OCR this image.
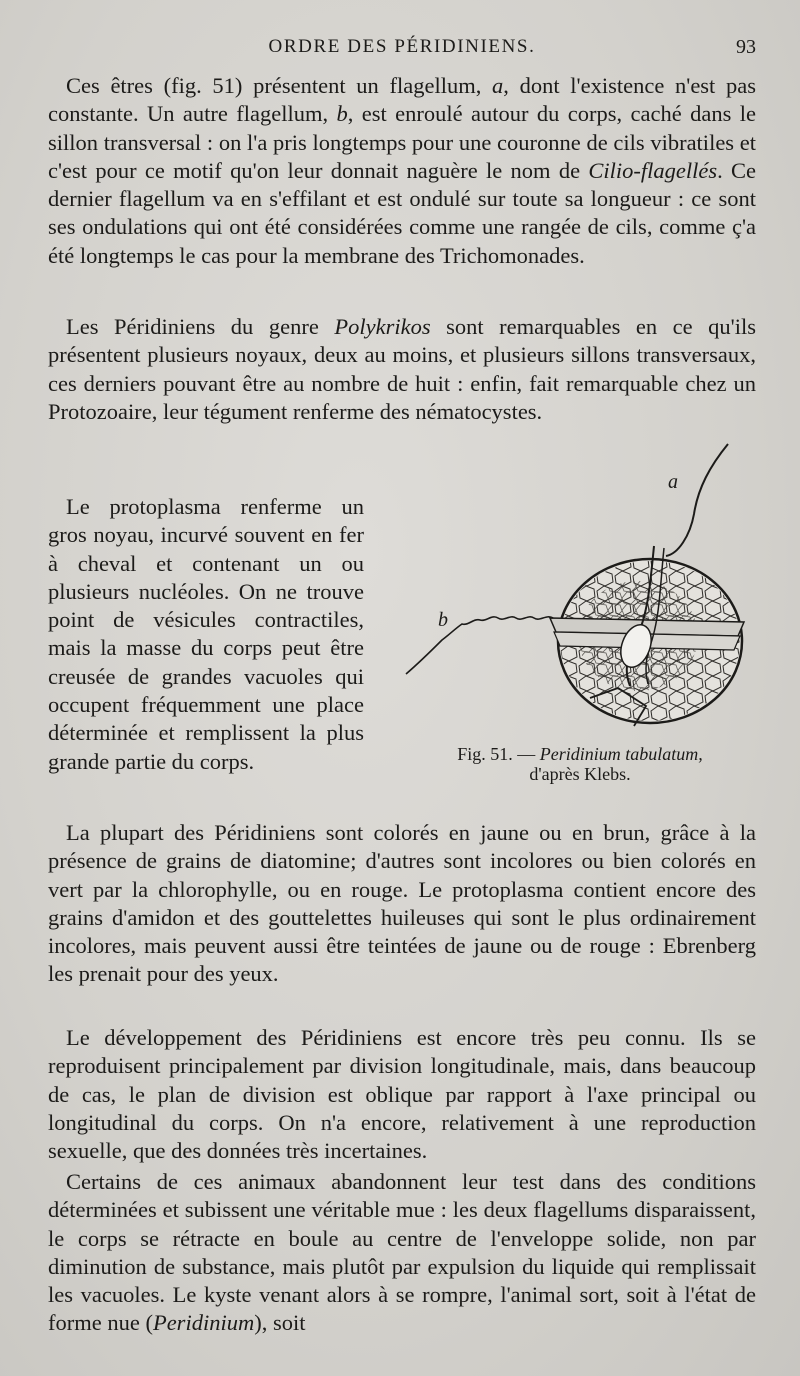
ORDRE DES PÉRIDINIENS.	93

Ces êtres (fig. 51) présentent un flagellum, a, dont l'existence n'est pas constante. Un autre flagellum, b, est enroulé autour du corps, caché dans le sillon transversal : on l'a pris longtemps pour une couronne de cils vibratiles et c'est pour ce motif qu'on leur donnait naguère le nom de Cilio-flagellés. Ce dernier flagellum va en s'effilant et est ondulé sur toute sa longueur : ce sont ses ondulations qui ont été considérées comme une rangée de cils, comme ç'a été longtemps le cas pour la membrane des Trichomonades.

Les Péridiniens du genre Polykrikos sont remarquables en ce qu'ils présentent plusieurs noyaux, deux au moins, et plusieurs sillons transversaux, ces derniers pouvant être au nombre de huit : enfin, fait remarquable chez un Protozoaire, leur tégument renferme des nématocystes.

Le protoplasma renferme un gros noyau, incurvé souvent en fer à cheval et contenant un ou plusieurs nucléoles. On ne trouve point de vésicules contractiles, mais la masse du corps peut être creusée de grandes vacuoles qui occupent fréquemment une place déterminée et remplissent la plus grande partie du corps.

La plupart des Péridiniens sont colorés en jaune ou en brun, grâce à la présence de grains de diatomine; d'autres sont incolores ou bien colorés en vert par la chlorophylle, ou en rouge. Le protoplasma contient encore des grains d'amidon et des gouttelettes huileuses qui sont le plus ordinairement incolores, mais peuvent aussi être teintées de jaune ou de rouge : Ebrenberg les prenait pour des yeux.

Le développement des Péridiniens est encore très peu connu. Ils se reproduisent principalement par division longitudinale, mais, dans beaucoup de cas, le plan de division est oblique par rapport à l'axe principal ou longitudinal du corps. On n'a encore, relativement à une reproduction sexuelle, que des données très incertaines.

Certains de ces animaux abandonnent leur test dans des conditions déterminées et subissent une véritable mue : les deux flagellums disparaissent, le corps se rétracte en boule au centre de l'enveloppe solide, non par diminution de substance, mais plutôt par expulsion du liquide qui remplissait les vacuoles. Le kyste venant alors à se rompre, l'animal sort, soit à l'état de forme nue (Peridinium), soit

a
b
Fig. 51. — Peridinium tabulatum,
d'après Klebs.
